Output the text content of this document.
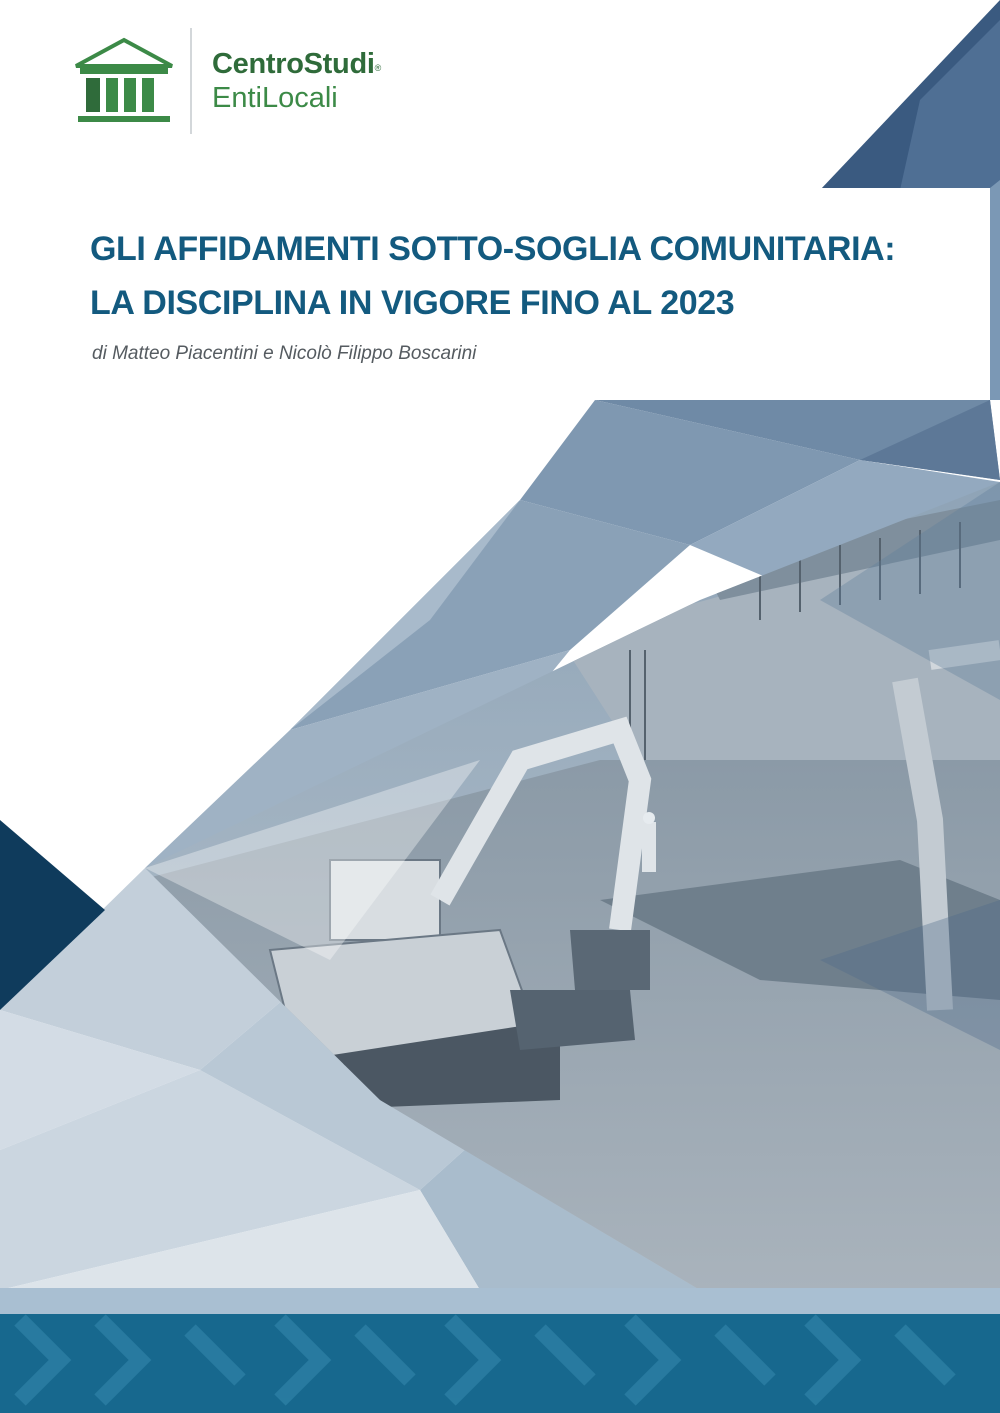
CentroStudi®
EntiLocali
GLI AFFIDAMENTI SOTTO-SOGLIA COMUNITARIA:
LA DISCIPLINA IN VIGORE FINO AL 2023
di Matteo Piacentini e Nicolò Filippo Boscarini
